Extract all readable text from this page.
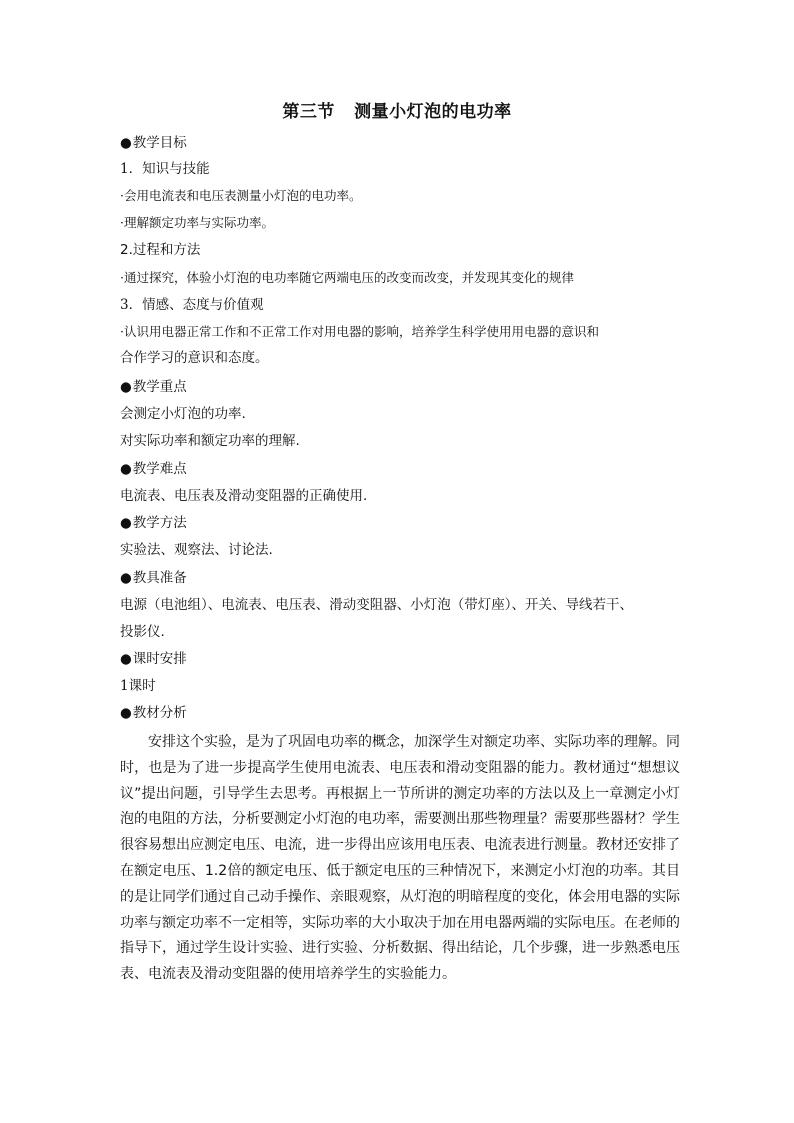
第三节   测量小灯泡的电功率
● 教学目标
1．知识与技能
·会用电流表和电压表测量小灯泡的电功率。
·理解额定功率与实际功率。
2.过程和方法
·通过探究，体验小灯泡的电功率随它两端电压的改变而改变，并发现其变化的规律
3．情感、态度与价值观
·认识用电器正常工作和不正常工作对用电器的影响，培养学生科学使用用电器的意识和
合作学习的意识和态度。
● 教学重点
会测定小灯泡的功率.
对实际功率和额定功率的理解.
● 教学难点
电流表、电压表及滑动变阻器的正确使用.
● 教学方法
实验法、观察法、讨论法.
● 教具准备
电源（电池组）、电流表、电压表、滑动变阻器、小灯泡（带灯座）、开关、导线若干、
投影仪.
● 课时安排
1课时
● 教材分析
安排这个实验，是为了巩固电功率的概念，加深学生对额定功率、实际功率的理解。同时，也是为了进一步提高学生使用电流表、电压表和滑动变阻器的能力。教材通过“想想议议”提出问题，引导学生去思考。再根据上一节所讲的测定功率的方法以及上一章测定小灯泡的电阻的方法，分析要测定小灯泡的电功率，需要测出那些物理量？需要那些器材？学生很容易想出应测定电压、电流，进一步得出应该用电压表、电流表进行测量。教材还安排了在额定电压、1.2倍的额定电压、低于额定电压的三种情况下，来测定小灯泡的功率。其目的是让同学们通过自己动手操作、亲眼观察，从灯泡的明暗程度的变化，体会用电器的实际功率与额定功率不一定相等，实际功率的大小取决于加在用电器两端的实际电压。在老师的指导下，通过学生设计实验、进行实验、分析数据、得出结论，几个步骤，进一步熟悉电压表、电流表及滑动变阻器的使用培养学生的实验能力。
